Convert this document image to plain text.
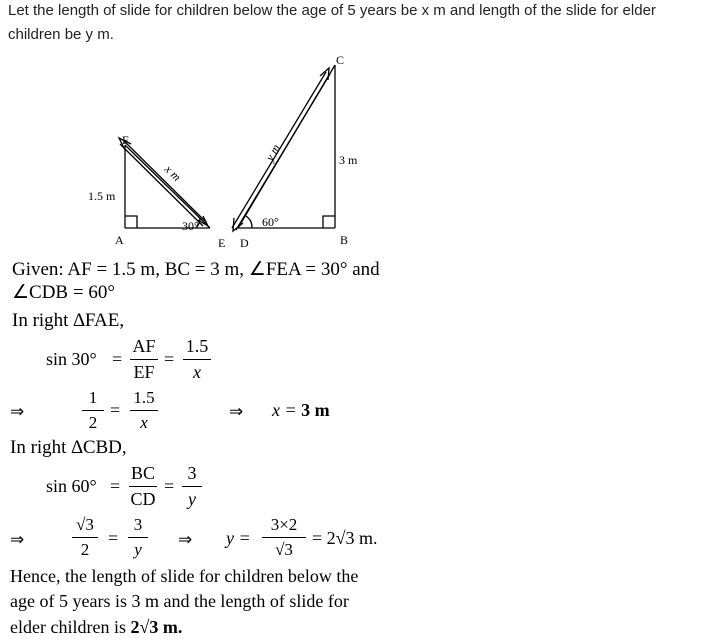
Let the length of slide for children below the age of 5 years be x m and length of the slide for elder
children be y m.
F
A	E D	B
C
1.5 m
3 m
x m
y m
30°	60°
Given: AF = 1.5 m, BC = 3 m, ∠FEA = 30° and
∠CDB = 60°
In right ∆FAE,
sin 30° =
AF
EF
=
1.5
x
⇒
1
2
=
1.5
x
⇒ x = 3 m
In right ∆CBD,
sin 60° =
BC
CD
=
3
y
⇒
√3
2
=
3
y
⇒ y =
3×2
√3
= 2√3 m.
Hence, the length of slide for children below the
age of 5 years is 3 m and the length of slide for
elder children is 2√3 m.
